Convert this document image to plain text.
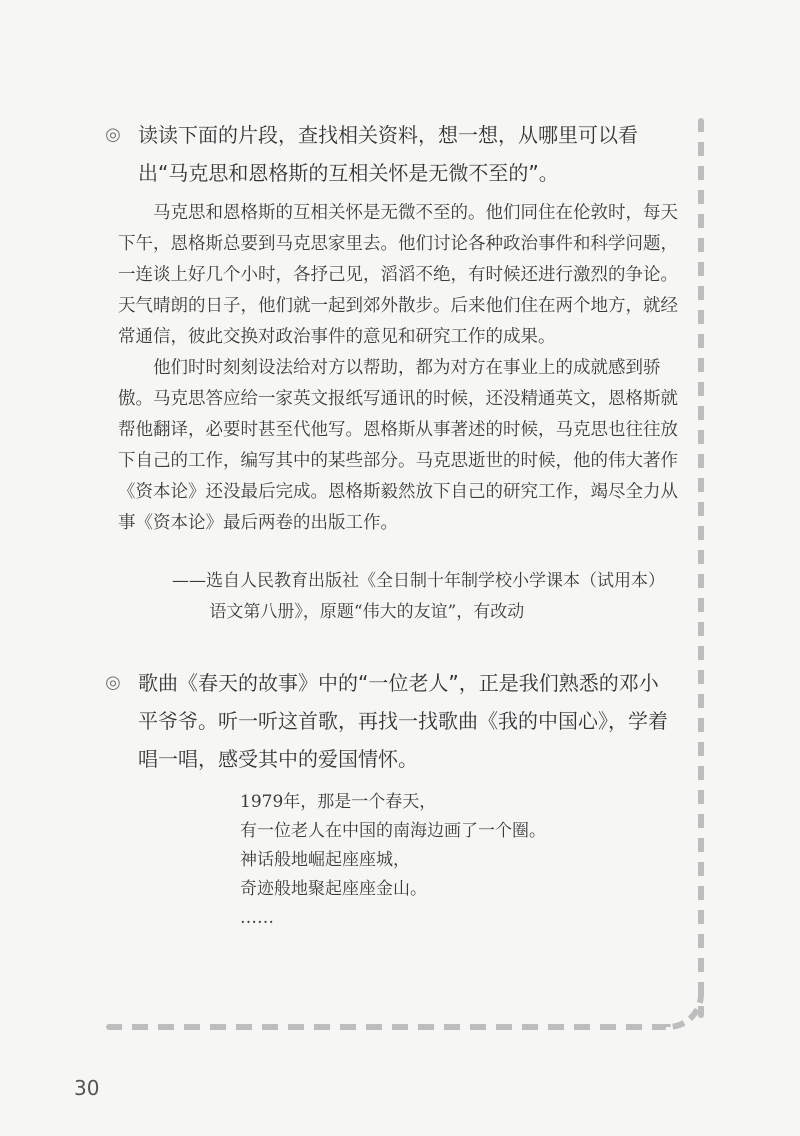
◎ 读读下面的片段，查找相关资料，想一想，从哪里可以看出“马克思和恩格斯的互相关怀是无微不至的”。

马克思和恩格斯的互相关怀是无微不至的。他们同住在伦敦时，每天下午，恩格斯总要到马克思家里去。他们讨论各种政治事件和科学问题，一连谈上好几个小时，各抒己见，滔滔不绝，有时候还进行激烈的争论。天气晴朗的日子，他们就一起到郊外散步。后来他们住在两个地方，就经常通信，彼此交换对政治事件的意见和研究工作的成果。

他们时时刻刻设法给对方以帮助，都为对方在事业上的成就感到骄傲。马克思答应给一家英文报纸写通讯的时候，还没精通英文，恩格斯就帮他翻译，必要时甚至代他写。恩格斯从事著述的时候，马克思也往往放下自己的工作，编写其中的某些部分。马克思逝世的时候，他的伟大著作《资本论》还没最后完成。恩格斯毅然放下自己的研究工作，竭尽全力从事《资本论》最后两卷的出版工作。

——选自人民教育出版社《全日制十年制学校小学课本（试用本）
语文第八册》，原题“伟大的友谊”，有改动
◎ 歌曲《春天的故事》中的“一位老人”，正是我们熟悉的邓小平爷爷。听一听这首歌，再找一找歌曲《我的中国心》，学着唱一唱，感受其中的爱国情怀。
1979年，那是一个春天，
有一位老人在中国的南海边画了一个圈。
神话般地崛起座座城，
奇迹般地聚起座座金山。
……
30
